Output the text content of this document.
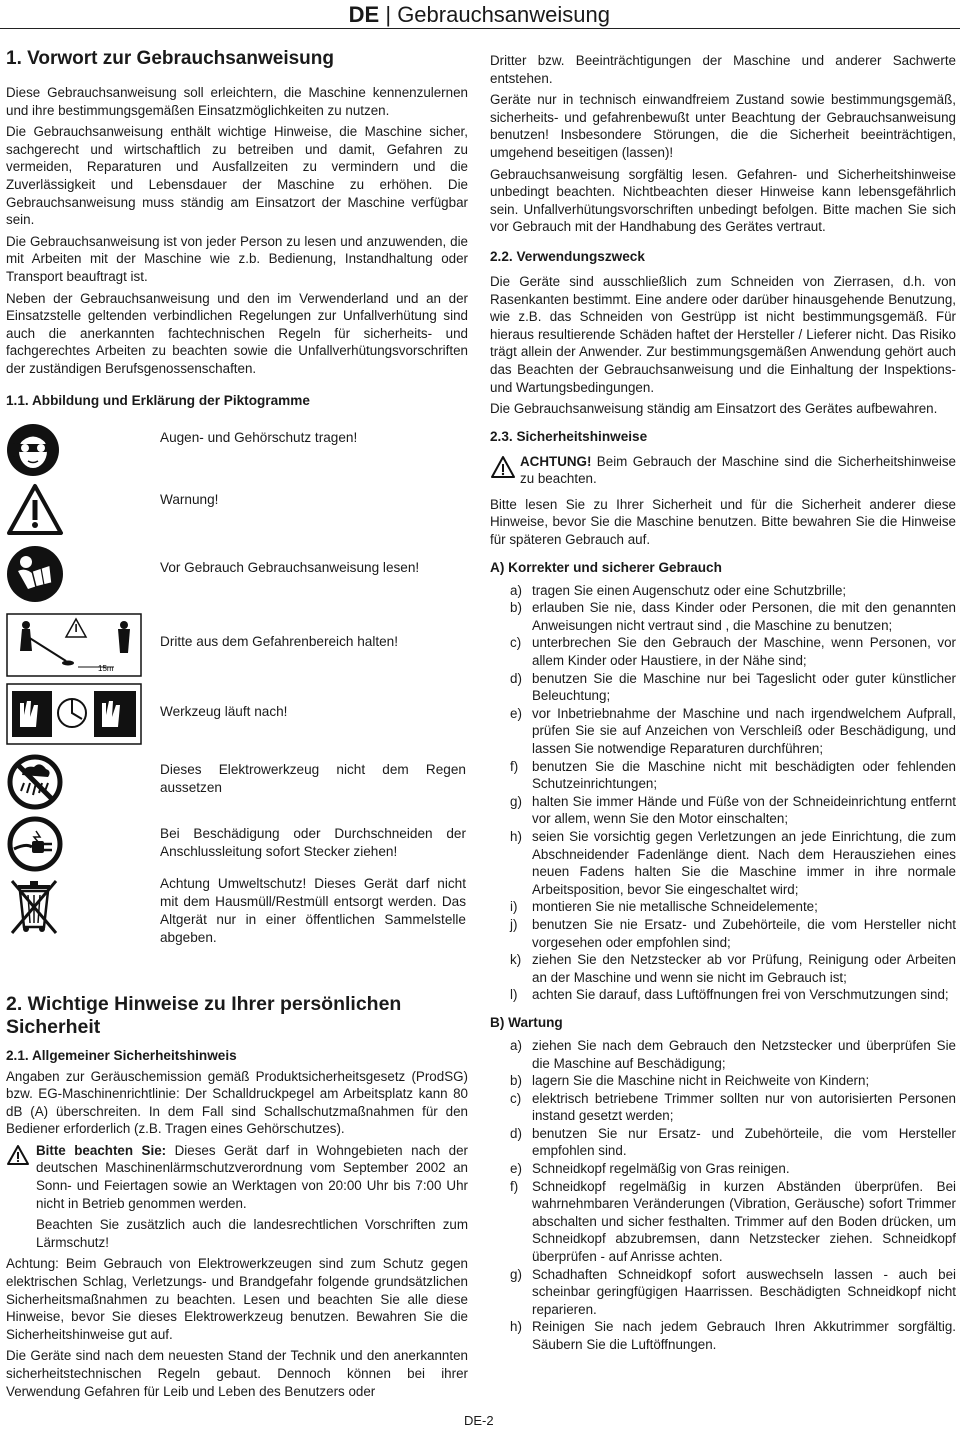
DE | Gebrauchsanweisung
1. Vorwort zur Gebrauchsanweisung

Diese Gebrauchsanweisung soll erleichtern, die Maschine kennenzulernen und ihre bestimmungsgemäßen Einsatzmöglichkeiten zu nutzen.

Die Gebrauchsanweisung enthält wichtige Hinweise, die Maschine sicher, sachgerecht und wirtschaftlich zu betreiben und damit, Gefahren zu vermeiden, Reparaturen und Ausfallzeiten zu vermindern und die Zuverlässigkeit und Lebensdauer der Maschine zu erhöhen. Die Gebrauchsanweisung muss ständig am Einsatzort der Maschine verfügbar sein.

Die Gebrauchsanweisung ist von jeder Person zu lesen und anzuwenden, die mit Arbeiten mit der Maschine wie z.b. Bedienung, Instandhaltung oder Transport beauftragt ist.

Neben der Gebrauchsanweisung und den im Verwenderland und an der Einsatzstelle geltenden verbindlichen Regelungen zur Unfallverhütung sind auch die anerkannten fachtechnischen Regeln für sicherheits- und fachgerechtes Arbeiten zu beachten sowie die Unfallverhütungsvorschriften der zuständigen Berufsgenossenschaften.

1.1. Abbildung und Erklärung der Piktogramme
Augen- und Gehörschutz tragen!
Warnung!
Vor Gebrauch Gebrauchsanweisung lesen!
15m
Dritte aus dem Gefahrenbereich halten!
Werkzeug läuft nach!
Dieses Elektrowerkzeug nicht dem Regen aussetzen
Bei Beschädigung oder Durchschneiden der Anschlussleitung sofort Stecker ziehen!
Achtung Umweltschutz! Dieses Gerät darf nicht mit dem Hausmüll/Restmüll entsorgt werden. Das Altgerät nur in einer öffentlichen Sammelstelle abgeben.
2. Wichtige Hinweise zu Ihrer persönlichen Sicherheit
2.1. Allgemeiner Sicherheitshinweis

Angaben zur Geräuschemission gemäß Produktsicherheitsgesetz (ProdSG) bzw. EG-Maschinenrichtlinie: Der Schalldruckpegel am Arbeitsplatz kann 80 dB (A) überschreiten. In dem Fall sind Schallschutzmaßnahmen für den Bediener erforderlich (z.B. Tragen eines Gehörschutzes).

Bitte beachten Sie: Dieses Gerät darf in Wohngebieten nach der deutschen Maschinenlärmschutzverordnung vom September 2002 an Sonn- und Feiertagen sowie an Werktagen von 20:00 Uhr bis 7:00 Uhr nicht in Betrieb genommen werden.

Beachten Sie zusätzlich auch die landesrechtlichen Vorschriften zum Lärmschutz!

Achtung: Beim Gebrauch von Elektrowerkzeugen sind zum Schutz gegen elektrischen Schlag, Verletzungs- und Brandgefahr folgende grundsätzlichen Sicherheitsmaßnahmen zu beachten. Lesen und beachten Sie alle diese Hinweise, bevor Sie dieses Elektrowerkzeug benutzen. Bewahren Sie die Sicherheitshinweise gut auf.

Die Geräte sind nach dem neuesten Stand der Technik und den anerkannten sicherheitstechnischen Regeln gebaut. Dennoch können bei ihrer Verwendung Gefahren für Leib und Leben des Benutzers oder

Dritter bzw. Beeinträchtigungen der Maschine und anderer Sachwerte entstehen.

Geräte nur in technisch einwandfreiem Zustand sowie bestimmungsgemäß, sicherheits- und gefahrenbewußt unter Beachtung der Gebrauchsanweisung benutzen! Insbesondere Störungen, die die Sicherheit beeinträchtigen, umgehend beseitigen (lassen)!

Gebrauchsanweisung sorgfältig lesen. Gefahren- und Sicherheitshinweise unbedingt beachten. Nichtbeachten dieser Hinweise kann lebensgefährlich sein. Unfallverhütungsvorschriften unbedingt befolgen. Bitte machen Sie sich vor Gebrauch mit der Handhabung des Gerätes vertraut.

2.2. Verwendungszweck

Die Geräte sind ausschließlich zum Schneiden von Zierrasen, d.h. von Rasenkanten bestimmt. Eine andere oder darüber hinausgehende Benutzung, wie z.B. das Schneiden von Gestrüpp ist nicht bestimmungsgemäß. Für hieraus resultierende Schäden haftet der Hersteller / Lieferer nicht. Das Risiko trägt allein der Anwender. Zur bestimmungsgemäßen Anwendung gehört auch das Beachten der Gebrauchsanweisung und die Einhaltung der Inspektions- und Wartungsbedingungen.

Die Gebrauchsanweisung ständig am Einsatzort des Gerätes aufbewahren.

2.3. Sicherheitshinweise

ACHTUNG! Beim Gebrauch der Maschine sind die Sicherheitshinweise zu beachten.

Bitte lesen Sie zu Ihrer Sicherheit und für die Sicherheit anderer diese Hinweise, bevor Sie die Maschine benutzen. Bitte bewahren Sie die Hinweise für späteren Gebrauch auf.

A) Korrekter und sicherer Gebrauch
a) tragen Sie einen Augenschutz oder eine Schutzbrille;
b) erlauben Sie nie, dass Kinder oder Personen, die mit den genannten Anweisungen nicht vertraut sind , die Maschine zu benutzen;
c) unterbrechen Sie den Gebrauch der Maschine, wenn Personen, vor allem Kinder oder Haustiere, in der Nähe sind;
d) benutzen Sie die Maschine nur bei Tageslicht oder guter künstlicher Beleuchtung;
e) vor Inbetriebnahme der Maschine und nach irgendwelchem Aufprall, prüfen Sie sie auf Anzeichen von Verschleiß oder Beschädigung, und lassen Sie notwendige Reparaturen durchführen;
f) benutzen Sie die Maschine nicht mit beschädigten oder fehlenden Schutzeinrichtungen;
g) halten Sie immer Hände und Füße von der Schneideinrichtung entfernt vor allem, wenn Sie den Motor einschalten;
h) seien Sie vorsichtig gegen Verletzungen an jede Einrichtung, die zum Abschneidender Fadenlänge dient. Nach dem Herausziehen eines neuen Fadens halten Sie die Maschine immer in ihre normale Arbeitsposition, bevor Sie eingeschaltet wird;
i) montieren Sie nie metallische Schneidelemente;
j) benutzen Sie nie Ersatz- und Zubehörteile, die vom Hersteller nicht vorgesehen oder empfohlen sind;
k) ziehen Sie den Netzstecker ab vor Prüfung, Reinigung oder Arbeiten an der Maschine und wenn sie nicht im Gebrauch ist;
l) achten Sie darauf, dass Luftöffnungen frei von Verschmutzungen sind;
B) Wartung
a) ziehen Sie nach dem Gebrauch den Netzstecker und überprüfen Sie die Maschine auf Beschädigung;
b) lagern Sie die Maschine nicht in Reichweite von Kindern;
c) elektrisch betriebene Trimmer sollten nur von autorisierten Personen instand gesetzt werden;
d) benutzen Sie nur Ersatz- und Zubehörteile, die vom Hersteller empfohlen sind.
e) Schneidkopf regelmäßig von Gras reinigen.
f) Schneidkopf regelmäßig in kurzen Abständen überprüfen. Bei wahrnehmbaren Veränderungen (Vibration, Geräusche) sofort Trimmer abschalten und sicher festhalten. Trimmer auf den Boden drücken, um Schneidkopf abzubremsen, dann Netzstecker ziehen. Schneidkopf überprüfen - auf Anrisse achten.
g) Schadhaften Schneidkopf sofort auswechseln lassen - auch bei scheinbar geringfügigen Haarrissen. Beschädigten Schneidkopf nicht reparieren.
h) Reinigen Sie nach jedem Gebrauch Ihren Akkutrimmer sorgfältig. Säubern Sie die Luftöffnungen.
DE-2
